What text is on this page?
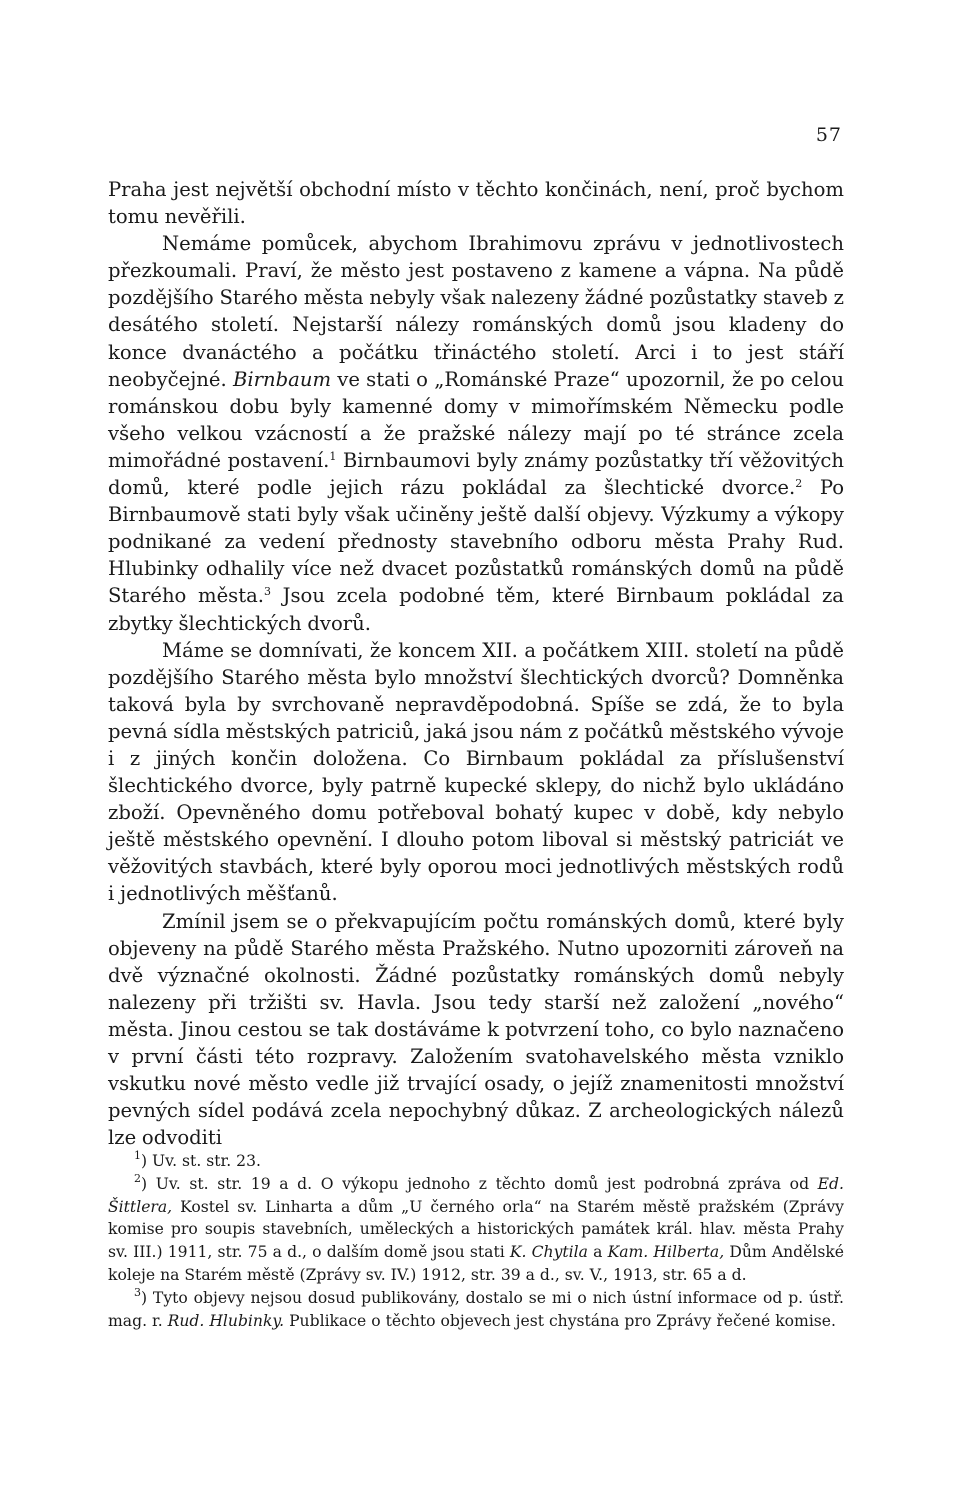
57

Praha jest největší obchodní místo v těchto končinách, není, proč bychom tomu nevěřili.

Nemáme pomůcek, abychom Ibrahimovu zprávu v jednotlivostech přezkoumali. Praví, že město jest postaveno z kamene a vápna. Na půdě pozdějšího Starého města nebyly však nalezeny žádné pozůstatky staveb z desátého století. Nejstarší nálezy románských domů jsou kladeny do konce dvanáctého a počátku třináctého století. Arci i to jest stáří neobyčejné. Birnbaum ve stati o „Románské Praze“ upozornil, že po celou románskou dobu byly kamenné domy v mimořímském Německu podle všeho velkou vzácností a že pražské nálezy mají po té stránce zcela mimořádné postavení.$^1$ Birnbaumovi byly známy pozůstatky tří věžovitých domů, které podle jejich rázu pokládal za šlechtické dvorce.$^2$ Po Birnbaumově stati byly však učiněny ještě další objevy. Výzkumy a výkopy podnikané za vedení přednosty stavebního odboru města Prahy Rud. Hlubinky odhalily více než dvacet pozůstatků románských domů na půdě Starého města.$^3$ Jsou zcela podobné těm, které Birnbaum pokládal za zbytky šlechtických dvorů.

Máme se domnívati, že koncem XII. a počátkem XIII. století na půdě pozdějšího Starého města bylo množství šlechtických dvorců? Domněnka taková byla by svrchovaně nepravděpodobná. Spíše se zdá, že to byla pevná sídla městských patriciů, jaká jsou nám z počátků městského vývoje i z jiných končin doložena. Co Birnbaum pokládal za příslušenství šlechtického dvorce, byly patrně kupecké sklepy, do nichž bylo ukládáno zboží. Opevněného domu potřeboval bohatý kupec v době, kdy nebylo ještě městského opevnění. I dlouho potom liboval si městský patriciát ve věžovitých stavbách, které byly oporou moci jednotlivých městských rodů i jednotlivých měšťanů.

Zmínil jsem se o překvapujícím počtu románských domů, které byly objeveny na půdě Starého města Pražského. Nutno upozorniti zároveň na dvě význačné okolnosti. Žádné pozůstatky románských domů nebyly nalezeny při tržišti sv. Havla. Jsou tedy starší než založení „nového“ města. Jinou cestou se tak dostáváme k potvrzení toho, co bylo naznačeno v první části této rozpravy. Založením svatohavelského města vzniklo vskutku nové město vedle již trvající osady, o jejíž znamenitosti množství pevných sídel podává zcela nepochybný důkaz. Z archeologických nálezů lze odvoditi

$^1$) Uv. st. str. 23.

$^2$) Uv. st. str. 19 a d. O výkopu jednoho z těchto domů jest podrobná zpráva od Ed. Šittlera, Kostel sv. Linharta a dům „U černého orla“ na Starém městě pražském (Zprávy komise pro soupis stavebních, uměleckých a historických památek král. hlav. města Prahy sv. III.) 1911, str. 75 a d., o dalším domě jsou stati K. Chytila a Kam. Hilberta, Dům Andělské koleje na Starém městě (Zprávy sv. IV.) 1912, str. 39 a d., sv. V., 1913, str. 65 a d.

$^3$) Tyto objevy nejsou dosud publikovány, dostalo se mi o nich ústní informace od p. ústř. mag. r. Rud. Hlubinky. Publikace o těchto objevech jest chystána pro Zprávy řečené komise.
